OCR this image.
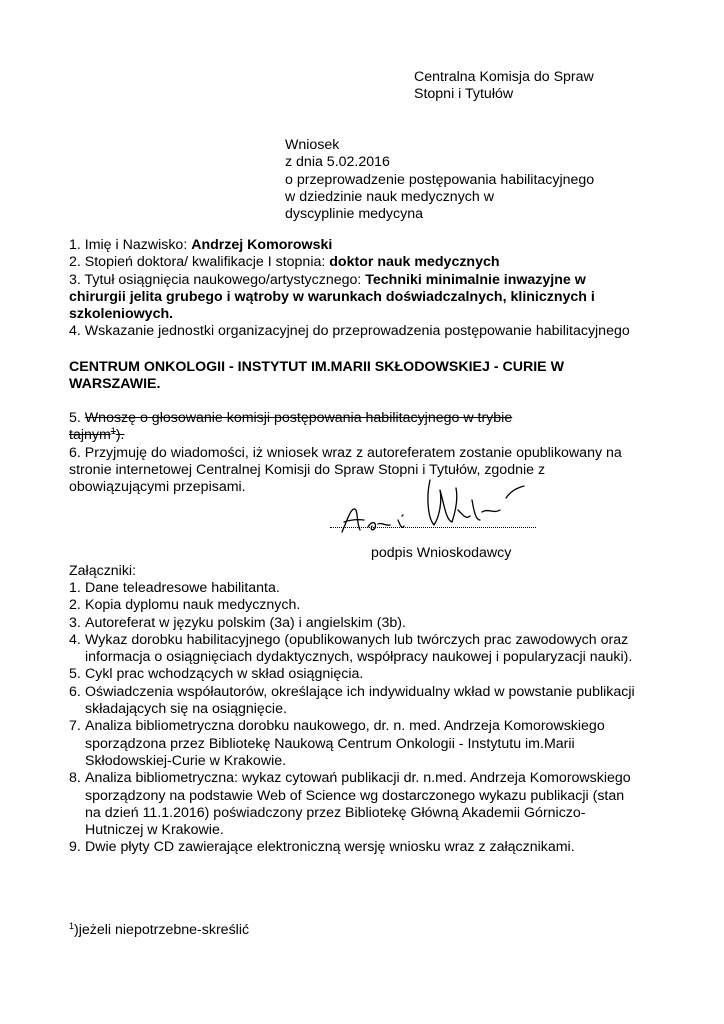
Centralna Komisja do Spraw
Stopni i Tytułów
Wniosek
z dnia 5.02.2016
o przeprowadzenie postępowania habilitacyjnego
w dziedzinie nauk medycznych w
dyscyplinie medycyna
1. Imię i Nazwisko: Andrzej Komorowski
2. Stopień doktora/ kwalifikacje I stopnia: doktor nauk medycznych
3. Tytuł osiągnięcia naukowego/artystycznego: Techniki minimalnie inwazyjne w
chirurgii jelita grubego i wątroby w warunkach doświadczalnych, klinicznych i
szkoleniowych.
4. Wskazanie jednostki organizacyjnej do przeprowadzenia postępowanie habilitacyjnego
CENTRUM ONKOLOGII - INSTYTUT IM.MARII SKŁODOWSKIEJ - CURIE W
WARSZAWIE.
5. Wnoszę o głosowanie komisji postępowania habilitacyjnego w trybie
tajnym$^1$).
6. Przyjmuję do wiadomości, iż wniosek wraz z autoreferatem zostanie opublikowany na
stronie internetowej Centralnej Komisji do Spraw Stopni i Tytułów, zgodnie z
obowiązującymi przepisami.
podpis Wnioskodawcy
Załączniki:
1. Dane teleadresowe habilitanta.
2. Kopia dyplomu nauk medycznych.
3. Autoreferat w języku polskim (3a) i angielskim (3b).
4. Wykaz dorobku habilitacyjnego (opublikowanych lub twórczych prac zawodowych oraz
informacja o osiągnięciach dydaktycznych, współpracy naukowej i popularyzacji nauki).
5. Cykl prac wchodzących w skład osiągnięcia.
6. Oświadczenia współautorów, określające ich indywidualny wkład w powstanie publikacji
składających się na osiągnięcie.
7. Analiza bibliometryczna dorobku naukowego, dr. n. med. Andrzeja Komorowskiego
sporządzona przez Bibliotekę Naukową Centrum Onkologii - Instytutu im.Marii
Skłodowskiej-Curie w Krakowie.
8. Analiza bibliometryczna: wykaz cytowań publikacji dr. n.med. Andrzeja Komorowskiego
sporządzony na podstawie Web of Science wg dostarczonego wykazu publikacji (stan
na dzień 11.1.2016) poświadczony przez Bibliotekę Główną Akademii Górniczo-
Hutniczej w Krakowie.
9. Dwie płyty CD zawierające elektroniczną wersję wniosku wraz z załącznikami.
$^1$)jeżeli niepotrzebne-skreślić
